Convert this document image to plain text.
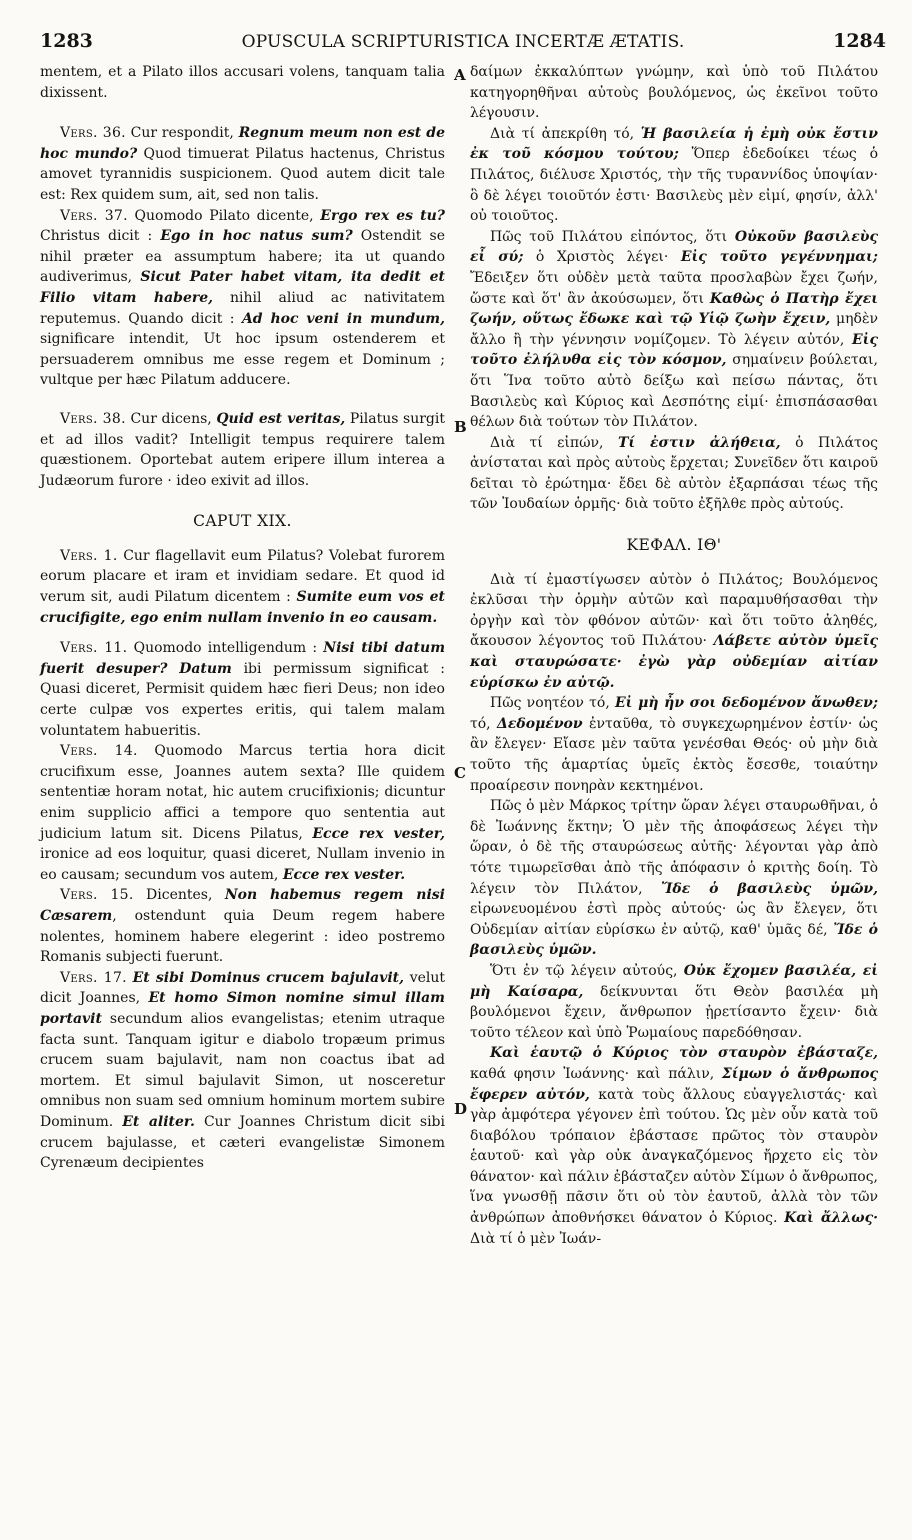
1283	OPUSCULA SCRIPTURISTICA INCERTÆ ÆTATIS.	1284
A
B
C
D

mentem, et a Pilato illos accusari volens, tanquam talia dixissent.

Vers. 36. Cur respondit, Regnum meum non est de hoc mundo? Quod timuerat Pilatus hactenus, Christus amovet tyrannidis suspicionem. Quod autem dicit tale est: Rex quidem sum, ait, sed non talis.

Vers. 37. Quomodo Pilato dicente, Ergo rex es tu? Christus dicit : Ego in hoc natus sum? Ostendit se nihil præter ea assumptum habere; ita ut quando audiverimus, Sicut Pater habet vitam, ita dedit et Filio vitam habere, nihil aliud ac nativitatem reputemus. Quando dicit : Ad hoc veni in mundum, significare intendit, Ut hoc ipsum ostenderem et persuaderem omnibus me esse regem et Dominum ; vultque per hæc Pilatum adducere.

Vers. 38. Cur dicens, Quid est veritas, Pilatus surgit et ad illos vadit? Intelligit tempus requirere talem quæstionem. Oportebat autem eripere illum interea a Judæorum furore · ideo exivit ad illos.

CAPUT XIX.

Vers. 1. Cur flagellavit eum Pilatus? Volebat furorem eorum placare et iram et invidiam sedare. Et quod id verum sit, audi Pilatum dicentem : Sumite eum vos et crucifigite, ego enim nullam invenio in eo causam.

Vers. 11. Quomodo intelligendum : Nisi tibi datum fuerit desuper? Datum ibi permissum significat : Quasi diceret, Permisit quidem hæc fieri Deus; non ideo certe culpæ vos expertes eritis, qui talem malam voluntatem habueritis.

Vers. 14. Quomodo Marcus tertia hora dicit crucifixum esse, Joannes autem sexta? Ille quidem sententiæ horam notat, hic autem crucifixionis; dicuntur enim supplicio affici a tempore quo sententia aut judicium latum sit. Dicens Pilatus, Ecce rex vester, ironice ad eos loquitur, quasi diceret, Nullam invenio in eo causam; secundum vos autem, Ecce rex vester.

Vers. 15. Dicentes, Non habemus regem nisi Cæsarem, ostendunt quia Deum regem habere nolentes, hominem habere elegerint : ideo postremo Romanis subjecti fuerunt.

Vers. 17. Et sibi Dominus crucem bajulavit, velut dicit Joannes, Et homo Simon nomine simul illam portavit secundum alios evangelistas; etenim utraque facta sunt. Tanquam igitur e diabolo tropæum primus crucem suam bajulavit, nam non coactus ibat ad mortem. Et simul bajulavit Simon, ut nosceretur omnibus non suam sed omnium hominum mortem subire Dominum. Et aliter. Cur Joannes Christum dicit sibi crucem bajulasse, et cæteri evangelistæ Simonem Cyrenæum decipientes

δαίμων ἐκκαλύπτων γνώμην, καὶ ὑπὸ τοῦ Πιλάτου κατηγορηθῆναι αὐτοὺς βουλόμενος, ὡς ἐκεῖνοι τοῦτο λέγουσιν.

Διὰ τί ἀπεκρίθη τό, Ἡ βασιλεία ἡ ἐμὴ οὐκ ἔστιν ἐκ τοῦ κόσμου τούτου; Ὅπερ ἐδεδοίκει τέως ὁ Πιλάτος, διέλυσε Χριστός, τὴν τῆς τυραννίδος ὑποψίαν· ὃ δὲ λέγει τοιοῦτόν ἐστι· Βασιλεὺς μὲν εἰμί, φησίν, ἀλλ' οὐ τοιοῦτος.

Πῶς τοῦ Πιλάτου εἰπόντος, ὅτι Οὐκοῦν βασιλεὺς εἶ σύ; ὁ Χριστὸς λέγει· Εἰς τοῦτο γεγέννημαι; Ἔδειξεν ὅτι οὐδὲν μετὰ ταῦτα προσλαβὼν ἔχει ζωήν, ὥστε καὶ ὅτ' ἂν ἀκούσωμεν, ὅτι Καθὼς ὁ Πατὴρ ἔχει ζωήν, οὕτως ἔδωκε καὶ τῷ Υἱῷ ζωὴν ἔχειν, μηδὲν ἄλλο ἢ τὴν γέννησιν νομίζομεν. Τὸ λέγειν αὐτόν, Εἰς τοῦτο ἐλήλυθα εἰς τὸν κόσμον, σημαίνειν βούλεται, ὅτι Ἵνα τοῦτο αὐτὸ δείξω καὶ πείσω πάντας, ὅτι Βασιλεὺς καὶ Κύριος καὶ Δεσπότης εἰμί· ἐπισπάσασθαι θέλων διὰ τούτων τὸν Πιλάτον.

Διὰ τί εἰπών, Τί ἐστιν ἀλήθεια, ὁ Πιλάτος ἀνίσταται καὶ πρὸς αὐτοὺς ἔρχεται; Συνεῖδεν ὅτι καιροῦ δεῖται τὸ ἐρώτημα· ἔδει δὲ αὐτὸν ἐξαρπάσαι τέως τῆς τῶν Ἰουδαίων ὁρμῆς· διὰ τοῦτο ἐξῆλθε πρὸς αὐτούς.

ΚΕΦΑΛ. ΙΘ'

Διὰ τί ἐμαστίγωσεν αὐτὸν ὁ Πιλάτος; Βουλόμενος ἐκλῦσαι τὴν ὁρμὴν αὐτῶν καὶ παραμυθήσασθαι τὴν ὀργὴν καὶ τὸν φθόνον αὐτῶν· καὶ ὅτι τοῦτο ἀληθές, ἄκουσον λέγοντος τοῦ Πιλάτου· Λάβετε αὐτὸν ὑμεῖς καὶ σταυρώσατε· ἐγὼ γὰρ οὐδεμίαν αἰτίαν εὑρίσκω ἐν αὐτῷ.

Πῶς νοητέον τό, Εἰ μὴ ἦν σοι δεδομένον ἄνωθεν; τό, Δεδομένον ἐνταῦθα, τὸ συγκεχωρημένον ἐστίν· ὡς ἂν ἔλεγεν· Εἴασε μὲν ταῦτα γενέσθαι Θεός· οὐ μὴν διὰ τοῦτο τῆς ἁμαρτίας ὑμεῖς ἐκτὸς ἔσεσθε, τοιαύτην προαίρεσιν πονηρὰν κεκτημένοι.

Πῶς ὁ μὲν Μάρκος τρίτην ὥραν λέγει σταυρωθῆναι, ὁ δὲ Ἰωάννης ἕκτην; Ὁ μὲν τῆς ἀποφάσεως λέγει τὴν ὥραν, ὁ δὲ τῆς σταυρώσεως αὐτῆς· λέγονται γὰρ ἀπὸ τότε τιμωρεῖσθαι ἀπὸ τῆς ἀπόφασιν ὁ κριτὴς δοίη. Τὸ λέγειν τὸν Πιλάτον, Ἴδε ὁ βασιλεὺς ὑμῶν, εἰρωνευομένου ἐστὶ πρὸς αὐτούς· ὡς ἂν ἔλεγεν, ὅτι Οὐδεμίαν αἰτίαν εὑρίσκω ἐν αὐτῷ, καθ' ὑμᾶς δέ, Ἴδε ὁ βασιλεὺς ὑμῶν.

Ὅτι ἐν τῷ λέγειν αὐτούς, Οὐκ ἔχομεν βασιλέα, εἰ μὴ Καίσαρα, δείκνυνται ὅτι Θεὸν βασιλέα μὴ βουλόμενοι ἔχειν, ἄνθρωπον ᾑρετίσαντο ἔχειν· διὰ τοῦτο τέλεον καὶ ὑπὸ Ῥωμαίους παρεδόθησαν.

Καὶ ἑαυτῷ ὁ Κύριος τὸν σταυρὸν ἐβάσταζε, καθά φησιν Ἰωάννης· καὶ πάλιν, Σίμων ὁ ἄνθρωπος ἔφερεν αὐτόν, κατὰ τοὺς ἄλλους εὐαγγελιστάς· καὶ γὰρ ἀμφότερα γέγονεν ἐπὶ τούτου. Ὡς μὲν οὖν κατὰ τοῦ διαβόλου τρόπαιον ἐβάστασε πρῶτος τὸν σταυρὸν ἑαυτοῦ· καὶ γὰρ οὐκ ἀναγκαζόμενος ἤρχετο εἰς τὸν θάνατον· καὶ πάλιν ἐβάσταζεν αὐτὸν Σίμων ὁ ἄνθρωπος, ἵνα γνωσθῇ πᾶσιν ὅτι οὐ τὸν ἑαυτοῦ, ἀλλὰ τὸν τῶν ἀνθρώπων ἀποθνήσκει θάνατον ὁ Κύριος. Καὶ ἄλλως· Διὰ τί ὁ μὲν Ἰωάν-
